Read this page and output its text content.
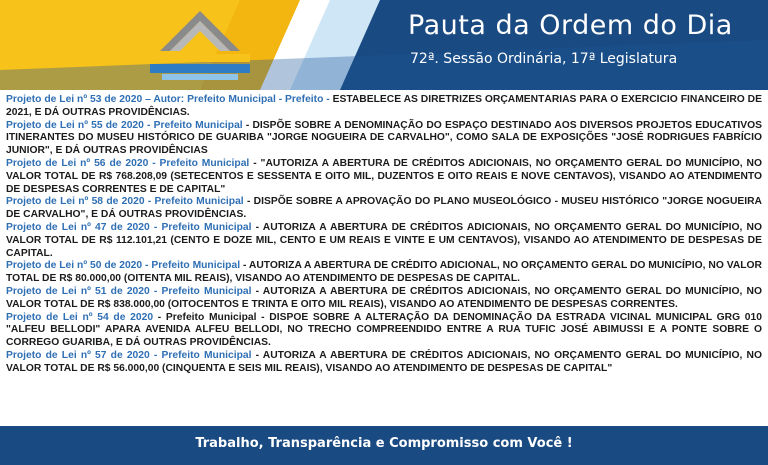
Pauta da Ordem do Dia
72ª. Sessão Ordinária, 17ª Legislatura

Projeto de Lei nº 53 de 2020 – Autor: Prefeito Municipal - Prefeito - ESTABELECE AS DIRETRIZES ORÇAMENTÁRIAS PARA O EXERCÍCIO FINANCEIRO DE 2021, E DÁ OUTRAS PROVIDÊNCIAS.

Projeto de Lei nº 55 de 2020 - Prefeito Municipal - DISPÕE SOBRE A DENOMINAÇÃO DO ESPAÇO DESTINADO AOS DIVERSOS PROJETOS EDUCATIVOS ITINERANTES DO MUSEU HISTÓRICO DE GUARIBA "JORGE NOGUEIRA DE CARVALHO", COMO SALA DE EXPOSIÇÕES "JOSÉ RODRIGUES FABRÍCIO JUNIOR", E DÁ OUTRAS PROVIDÊNCIAS

Projeto de Lei nº 56 de 2020 - Prefeito Municipal - "AUTORIZA A ABERTURA DE CRÉDITOS ADICIONAIS, NO ORÇAMENTO GERAL DO MUNICÍPIO, NO VALOR TOTAL DE R$ 768.208,09 (SETECENTOS E SESSENTA E OITO MIL, DUZENTOS E OITO REAIS E NOVE CENTAVOS), VISANDO AO ATENDIMENTO DE DESPESAS CORRENTES E DE CAPITAL"

Projeto de Lei nº 58 de 2020 - Prefeito Municipal - DISPÕE SOBRE A APROVAÇÃO DO PLANO MUSEOLÓGICO - MUSEU HISTÓRICO "JORGE NOGUEIRA DE CARVALHO", E DÁ OUTRAS PROVIDÊNCIAS.

Projeto de Lei nº 47 de 2020 - Prefeito Municipal - AUTORIZA A ABERTURA DE CRÉDITOS ADICIONAIS, NO ORÇAMENTO GERAL DO MUNICÍPIO, NO VALOR TOTAL DE R$ 112.101,21 (CENTO E DOZE MIL, CENTO E UM REAIS E VINTE E UM CENTAVOS), VISANDO AO ATENDIMENTO DE DESPESAS DE CAPITAL.

Projeto de Lei nº 50 de 2020 - Prefeito Municipal - AUTORIZA A ABERTURA DE CRÉDITO ADICIONAL, NO ORÇAMENTO GERAL DO MUNICÍPIO, NO VALOR TOTAL DE R$ 80.000,00 (OITENTA MIL REAIS), VISANDO AO ATENDIMENTO DE DESPESAS DE CAPITAL.

Projeto de Lei nº 51 de 2020 - Prefeito Municipal - AUTORIZA A ABERTURA DE CRÉDITOS ADICIONAIS, NO ORÇAMENTO GERAL DO MUNICÍPIO, NO VALOR TOTAL DE R$ 838.000,00 (OITOCENTOS E TRINTA E OITO MIL REAIS), VISANDO AO ATENDIMENTO DE DESPESAS CORRENTES.

Projeto de Lei nº 54 de 2020 - Prefeito Municipal - DISPOE SOBRE A ALTERAÇÃO DA DENOMINAÇÃO DA ESTRADA VICINAL MUNICIPAL GRG 010 "ALFEU BELLODI" APARA AVENIDA ALFEU BELLODI, NO TRECHO COMPREENDIDO ENTRE A RUA TUFIC JOSÉ ABIMUSSI E A PONTE SOBRE O CORREGO GUARIBA, E DÁ OUTRAS PROVIDÊNCIAS.

Projeto de Lei nº 57 de 2020 - Prefeito Municipal - AUTORIZA A ABERTURA DE CRÉDITOS ADICIONAIS, NO ORÇAMENTO GERAL DO MUNICÍPIO, NO VALOR TOTAL DE R$ 56.000,00 (CINQUENTA E SEIS MIL REAIS), VISANDO AO ATENDIMENTO DE DESPESAS DE CAPITAL"

Trabalho, Transparência e Compromisso com Você !
